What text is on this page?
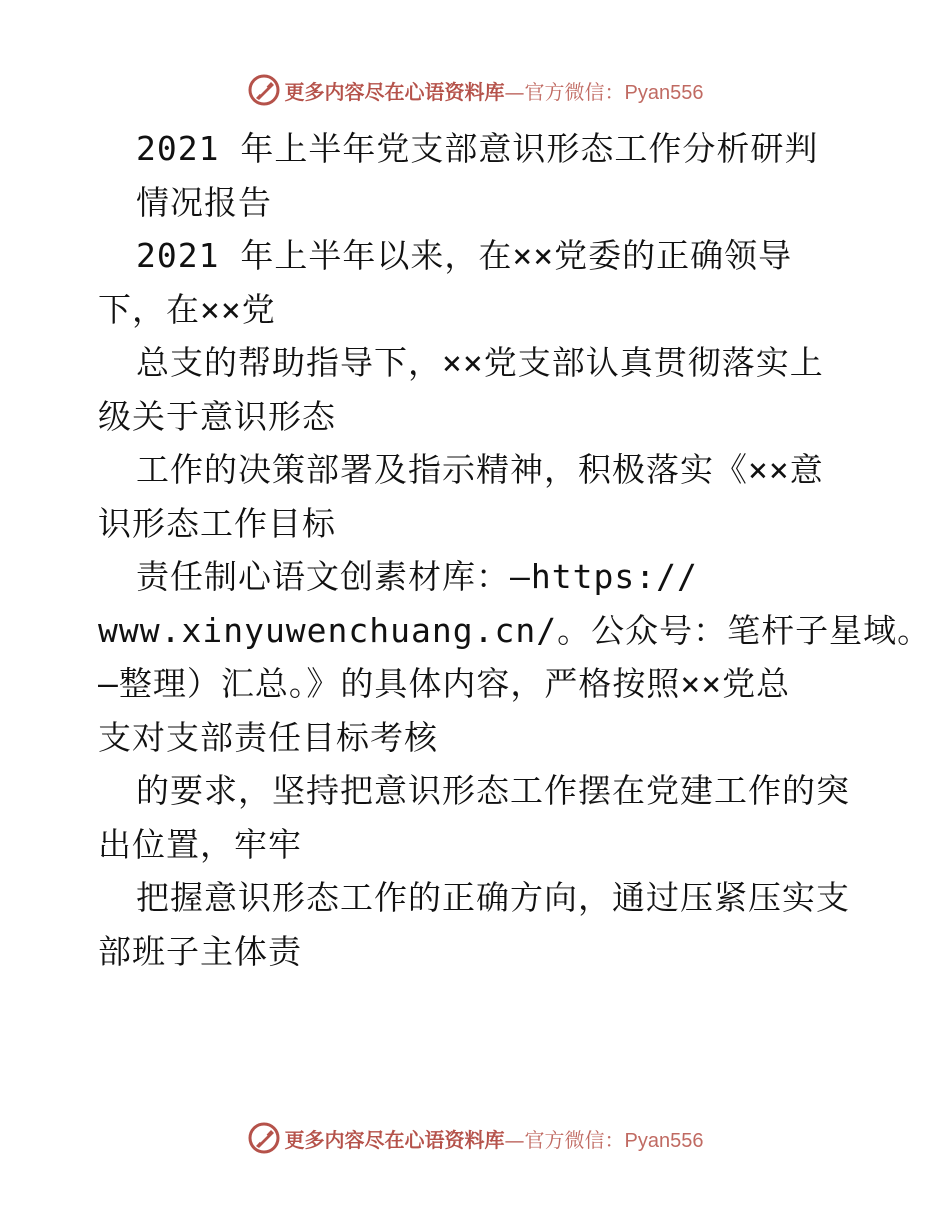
更多内容尽在心语资料库—官方微信：Pyan556
2021 年上半年党支部意识形态工作分析研判
情况报告
2021 年上半年以来，在××党委的正确领导
下，在××党
总支的帮助指导下，××党支部认真贯彻落实上
级关于意识形态
工作的决策部署及指示精神，积极落实《××意
识形态工作目标
责任制心语文创素材库：—https://
www.xinyuwenchuang.cn/。公众号：笔杆子星域。
—整理）汇总。》的具体内容，严格按照××党总
支对支部责任目标考核
的要求，坚持把意识形态工作摆在党建工作的突
出位置，牢牢
把握意识形态工作的正确方向，通过压紧压实支
部班子主体责
更多内容尽在心语资料库—官方微信：Pyan556
